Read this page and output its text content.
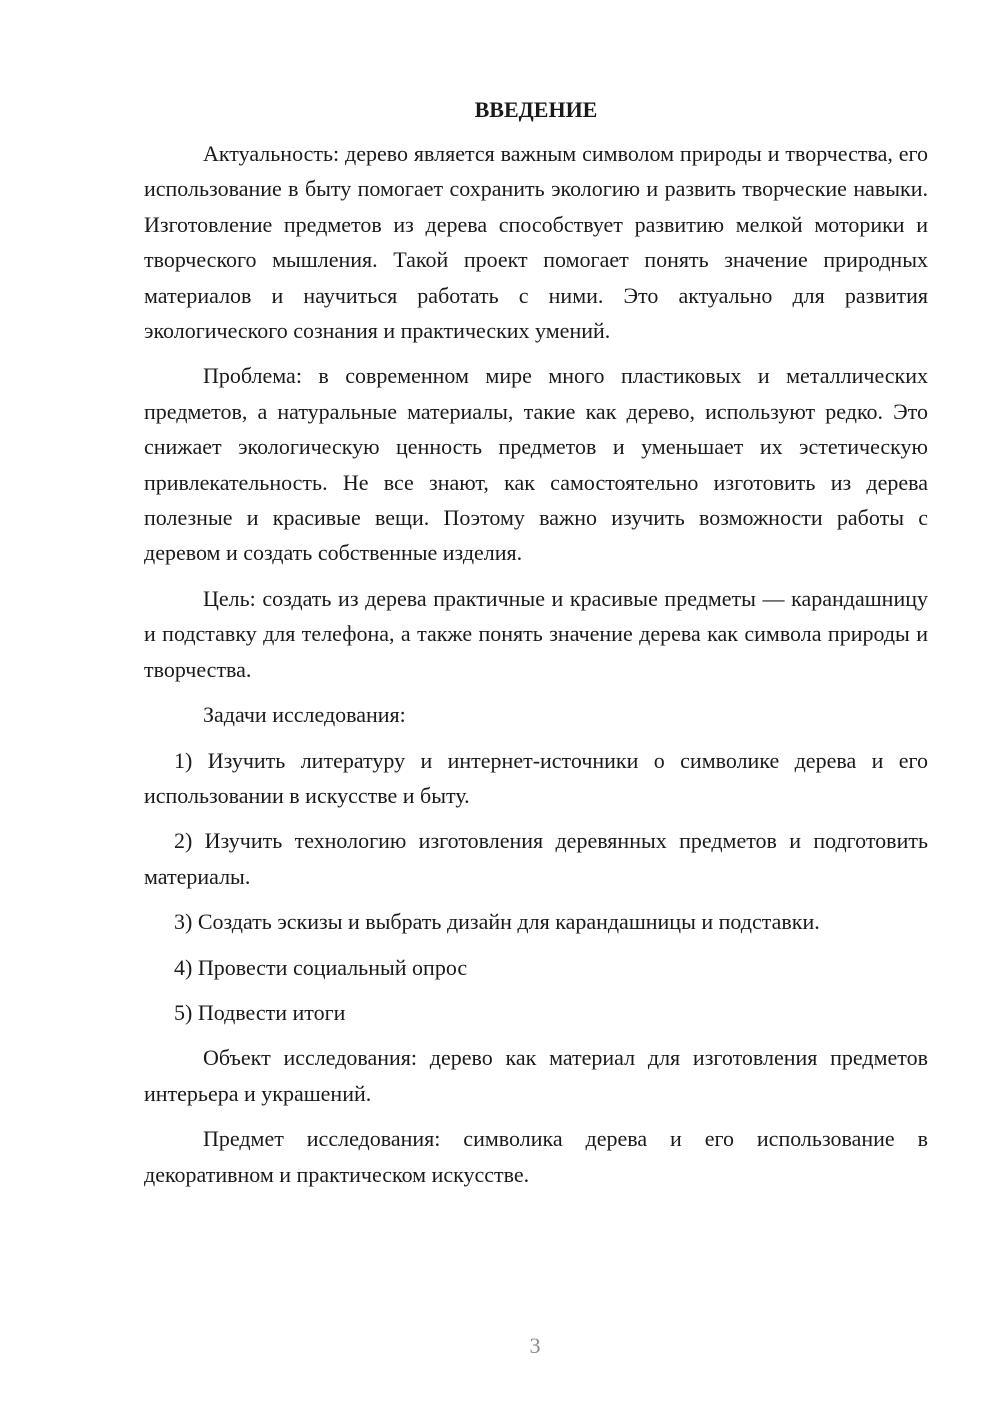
ВВЕДЕНИЕ

Актуальность: дерево является важным символом природы и творчества, его использование в быту помогает сохранить экологию и развить творческие навыки. Изготовление предметов из дерева способствует развитию мелкой моторики и творческого мышления. Такой проект помогает понять значение природных материалов и научиться работать с ними. Это актуально для развития экологического сознания и практических умений.

Проблема: в современном мире много пластиковых и металлических предметов, а натуральные материалы, такие как дерево, используют редко. Это снижает экологическую ценность предметов и уменьшает их эстетическую привлекательность. Не все знают, как самостоятельно изготовить из дерева полезные и красивые вещи. Поэтому важно изучить возможности работы с деревом и создать собственные изделия.

Цель: создать из дерева практичные и красивые предметы — карандашницу и подставку для телефона, а также понять значение дерева как символа природы и творчества.

Задачи исследования:

1) Изучить литературу и интернет-источники о символике дерева и его использовании в искусстве и быту.

2) Изучить технологию изготовления деревянных предметов и подготовить материалы.

3) Создать эскизы и выбрать дизайн для карандашницы и подставки.

4) Провести социальный опрос

5) Подвести итоги

Объект исследования: дерево как материал для изготовления предметов интерьера и украшений.

Предмет исследования: символика дерева и его использование в декоративном и практическом искусстве.

3
